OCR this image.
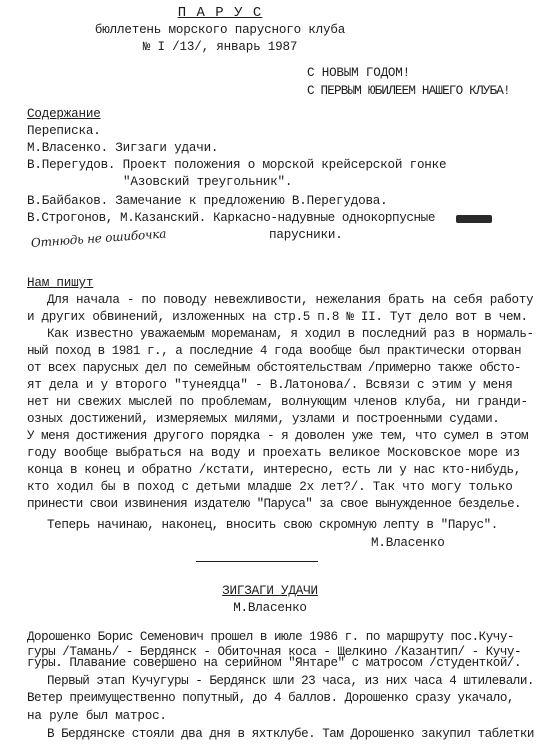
П А Р У С
бюллетень морского парусного клуба
№ I /13/, январь 1987
С НОВЫМ ГОДОМ!
С ПЕРВЫМ ЮБИЛЕЕМ НАШЕГО КЛУБА!
Содержание
Переписка.
М.Власенко. Зигзаги удачи.
В.Перегудов. Проект положения о морской крейсерской гонке
"Азовский треугольник".
В.Байбаков. Замечание к предложению В.Перегудова.
В.Строгонов, М.Казанский. Каркасно-надувные однокорпусные
парусники.
Отнюдь не ошибочка
Нам пишут
Для начала - по поводу невежливости, нежелания брать на себя работу
и других обвинений, изложенных на стр.5 п.8 № II. Тут дело вот в чем.
Как известно уважаемым мореманам, я ходил в последний раз в нормаль-
ный поход в 1981 г., а последние 4 года вообще был практически оторван
от всех парусных дел по семейным обстоятельствам /примерно также обсто-
ят дела и у второго "тунеядца" - В.Латонова/. Всвязи с этим у меня
нет ни свежих мыслей по проблемам, волнующим членов клуба, ни гранди-
озных достижений, измеряемых милями, узлами и построенными судами.
У меня достижения другого порядка - я доволен уже тем, что сумел в этом
году вообще выбраться на воду и проехать великое Московское море из
конца в конец и обратно /кстати, интересно, есть ли у нас кто-нибудь,
кто ходил бы в поход с детьми младше 2х лет?/. Так что могу только
принести свои извинения издателю "Паруса" за свое вынужденное безделье.
Теперь начинаю, наконец, вносить свою скромную лепту в "Парус".
М.Власенко
ЗИГЗАГИ УДАЧИ
М.Власенко
Дорошенко Борис Семенович прошел в июле 1986 г. по маршруту пос.Кучу-
гуры /Тамань/ - Бердянск - Обиточная коса - Щелкино /Казантип/ - Кучу-
гуры. Плавание совершено на серийном "Янтаре" с матросом /студенткой/.
Первый этап Кучугуры - Бердянск шли 23 часа, из них часа 4 штилевали.
Ветер преимущественно попутный, до 4 баллов. Дорошенко сразу укачало,
на руле был матрос.
В Бердянске стояли два дня в яхтклубе. Там Дорошенко закупил таблетки
